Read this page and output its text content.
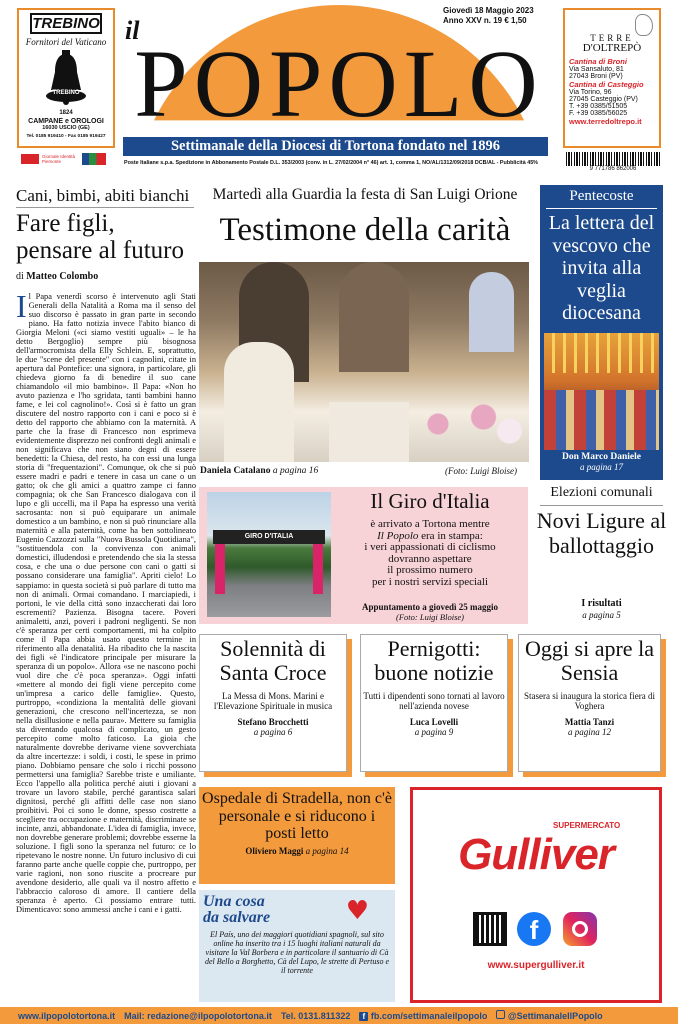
TREBINO
Fornitori del Vaticano
TREBINO
1824
CAMPANE e OROLOGI
16030 USCIO (GE)
Tel. 0185 919410 - Fax 0185 919427
Giornale Identità Piemonte
il
Giovedì 18 Maggio 2023
Anno XXV n. 19 € 1,50
POPOLO
Settimanale della Diocesi di Tortona fondato nel 1896
Poste Italiane s.p.a. Spedizione in Abbonamento Postale D.L. 353/2003 (conv. in L. 27/02/2004 n° 46) art. 1, comma 1, NO/AL/1312/09/2018 DCB/AL - Pubblicità 45%
TERRE
D'OLTREPÒ
Cantina di Broni
Via Sansaluto, 81
27043 Broni (PV)
Cantina di Casteggio
Via Torino, 96
27045 Casteggio (PV)
T. +39 0385/51505
F. +39 0385/56025
www.terredoltrepo.it
9 771786 862006
Cani, bimbi, abiti bianchi
Fare figli, pensare al futuro
di Matteo Colombo
Il Papa venerdì scorso è intervenuto agli Stati Generali della Natalità a Roma ma il senso del suo discorso è passato in gran parte in secondo piano. Ha fatto notizia invece l'abito bianco di Giorgia Meloni («ci siamo vestiti uguali» – le ha detto Bergoglio) sempre più bisognosa dell'armocromista della Elly Schlein. E, soprattutto, le due "scene del presente" con i cagnolini, citate in apertura dal Pontefice: una signora, in particolare, gli chiedeva giorno fa di benedire il suo cane chiamandolo «il mio bambino». Il Papa: «Non ho avuto pazienza e l'ho sgridata, tanti bambini hanno fame, e lei col cagnolino!». Così si è fatto un gran discutere del nostro rapporto con i cani e poco si è detto del rapporto che abbiamo con la maternità. A parte che la frase di Francesco non esprimeva evidentemente disprezzo nei confronti degli animali e non significava che non siano degni di essere benedetti: la Chiesa, del resto, ha con essi una lunga storia di "frequentazioni". Comunque, ok che si può essere madri e padri e tenere in casa un cane o un gatto; ok che gli amici a quattro zampe ci fanno compagnia; ok che San Francesco dialogava con il lupo e gli uccelli, ma il Papa ha espresso una verità sacrosanta: non si può equiparare un animale domestico a un bambino, e non si può rinunciare alla maternità e alla paternità, come ha ben sottolineato Eugenio Cazzozzi sulla "Nuova Bussola Quotidiana", "sostituendola con la convivenza con animali domestici, illudendosi e pretendendo che sia la stessa cosa, e che una o due persone con cani o gatti si possano considerare una famiglia". Apriti cielo! Lo sappiamo: in questa società si può parlare di tutto ma non di animali. Ormai comandano. I marciapiedi, i portoni, le vie della città sono inzaccherati dai loro escrementi? Pazienza. Bisogna tacere. Poveri animaletti, anzi, poveri i padroni negligenti. Se non c'è speranza per certi comportamenti, mi ha colpito come il Papa abbia usato questo termine in riferimento alla denatalità. Ha ribadito che la nascita dei figli «è l'indicatore principale per misurare la speranza di un popolo». Allora «se ne nascono pochi vuol dire che c'è poca speranza». Oggi infatti «mettere al mondo dei figli viene percepito come un'impresa a carico delle famiglie». Questo, purtroppo, «condiziona la mentalità delle giovani generazioni, che crescono nell'incertezza, se non nella disillusione e nella paura». Mettere su famiglia sta diventando qualcosa di complicato, un gesto percepito come molto faticoso. La gioia che naturalmente dovrebbe derivarne viene sovverchiata da altre incertezze: i soldi, i costi, le spese in primo piano. Dobbiamo pensare che solo i ricchi possono permettersi una famiglia? Sarebbe triste e umiliante. Ecco l'appello alla politica perché aiuti i giovani a trovare un lavoro stabile, perché garantisca salari dignitosi, perché gli affitti delle case non siano proibitivi. Poi ci sono le donne, spesso costrette a scegliere tra occupazione e maternità, discriminate se incinte, anzi, abbandonate. L'idea di famiglia, invece, non dovrebbe generare problemi; dovrebbe esserne la soluzione. I figli sono la speranza nel futuro: ce lo ripetevano le nostre nonne. Un futuro inclusivo di cui faranno parte anche quelle coppie che, purtroppo, per varie ragioni, non sono riuscite a procreare pur avendone desiderio, alle quali va il nostro affetto e l'abbraccio caloroso di amore. Il cantiere della speranza è aperto. Ci possiamo entrare tutti. Dimenticavo: sono ammessi anche i cani e i gatti.
Martedì alla Guardia la festa di San Luigi Orione
Testimone della carità
Daniela Catalano a pagina 16	(Foto: Luigi Bloise)
Pentecoste
La lettera del vescovo che invita alla veglia diocesana
Don Marco Daniele
a pagina 17
GIRO D'ITALIA
Il Giro d'Italia
è arrivato a Tortona mentre
Il Popolo era in stampa:
i veri appassionati di ciclismo
dovranno aspettare
il prossimo numero
per i nostri servizi speciali
Appuntamento a giovedì 25 maggio
(Foto: Luigi Bloise)
Elezioni comunali
Novi Ligure al ballottaggio
I risultati
a pagina 5
Solennità di Santa Croce
La Messa di Mons. Marini e l'Elevazione Spirituale in musica
Stefano Brocchetti
a pagina 6
Pernigotti: buone notizie
Tutti i dipendenti sono tornati al lavoro nell'azienda novese
Luca Lovelli
a pagina 9
Oggi si apre la Sensia
Stasera si inaugura la storica fiera di Voghera
Mattia Tanzi
a pagina 12
Ospedale di Stradella, non c'è personale e si riducono i posti letto
Oliviero Maggi a pagina 14
Una cosa
da salvare	♥
El País, uno dei maggiori quotidiani spagnoli, sul sito online ha inserito tra i 15 luoghi italiani naturali da visitare la Val Borbera e in particolare il santuario di Cà del Bello a Borghetto, Cà del Lupo, le strette di Pertuso e il torrente
SUPERMERCATO
Gulliver
f
www.supergulliver.it
www.ilpopolotortona.it Mail: redazione@ilpopolotortona.it Tel. 0131.811322	f fb.com/settimanaleilpopolo	@SettimanaleIlPopolo
